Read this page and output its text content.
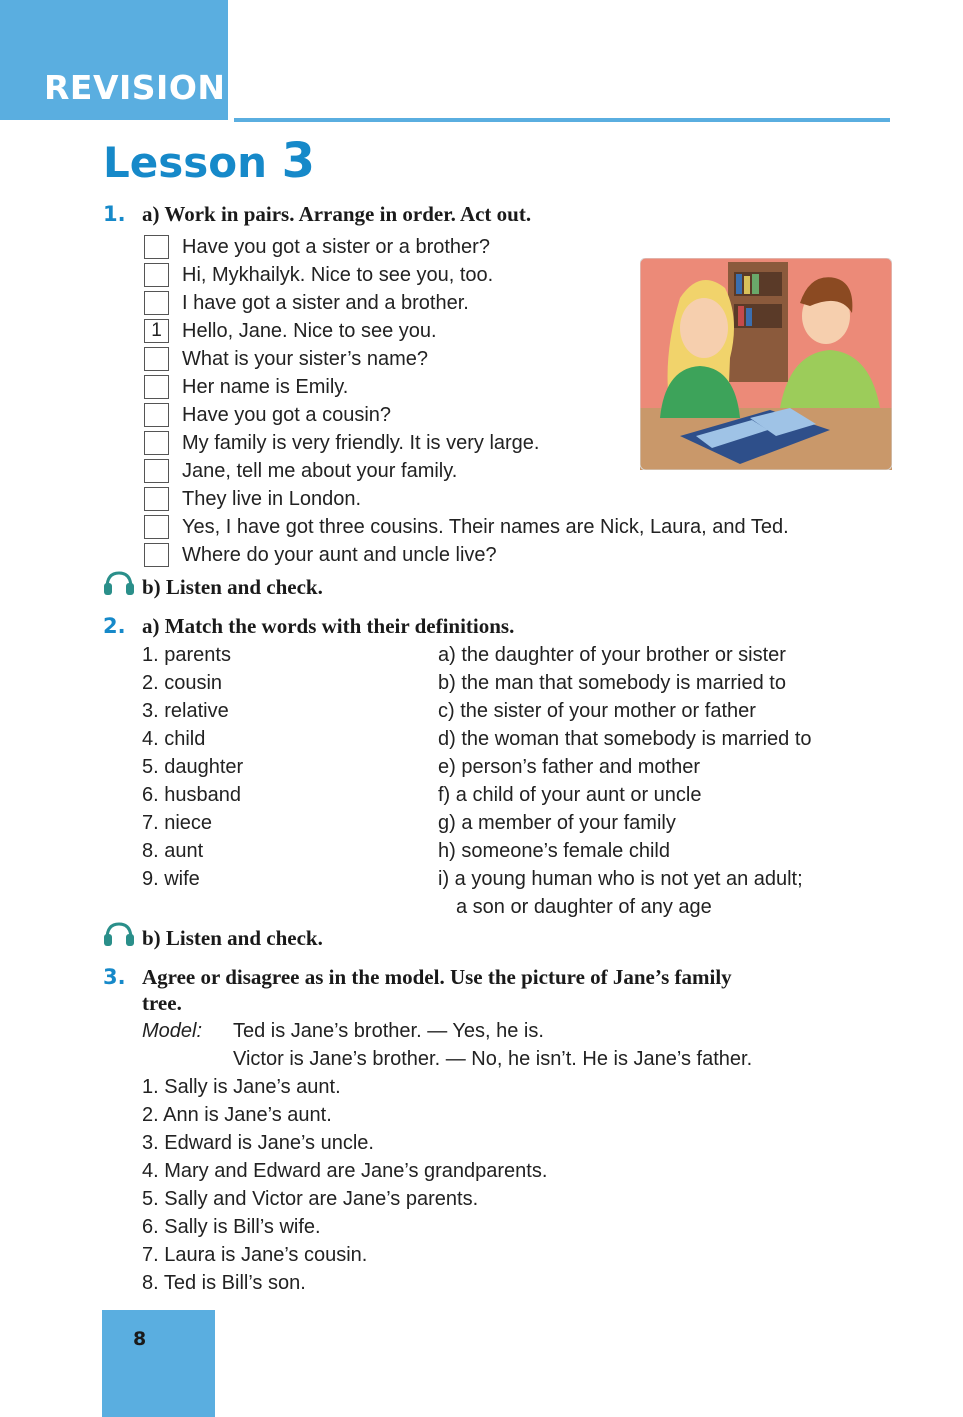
REVISION
Lesson 3
1. a) Work in pairs. Arrange in order. Act out.
Have you got a sister or a brother?
Hi, Mykhailyk. Nice to see you, too.
I have got a sister and a brother.
1	Hello, Jane. Nice to see you.
What is your sister’s name?
Her name is Emily.
Have you got a cousin?
My family is very friendly. It is very large.
Jane, tell me about your family.
They live in London.
Yes, I have got three cousins. Their names are Nick, Laura, and Ted.
Where do your aunt and uncle live?
b) Listen and check.
2. a) Match the words with their definitions.
1. parents
2. cousin
3. relative
4. child
5. daughter
6. husband
7. niece
8. aunt
9. wife
a) the daughter of your brother or sister
b) the man that somebody is married to
c) the sister of your mother or father
d) the woman that somebody is married to
e) person’s father and mother
f) a child of your aunt or uncle
g) a member of your family
h) someone’s female child
i) a young human who is not yet an adult;
a son or daughter of any age
b) Listen and check.
3. Agree or disagree as in the model. Use the picture of Jane’s family
tree.
Model: Ted is Jane’s brother. — Yes, he is.
Victor is Jane’s brother. — No, he isn’t. He is Jane’s father.
1. Sally is Jane’s aunt.
2. Ann is Jane’s aunt.
3. Edward is Jane’s uncle.
4. Mary and Edward are Jane’s grandparents.
5. Sally and Victor are Jane’s parents.
6. Sally is Bill’s wife.
7. Laura is Jane’s cousin.
8. Ted is Bill’s son.
8
